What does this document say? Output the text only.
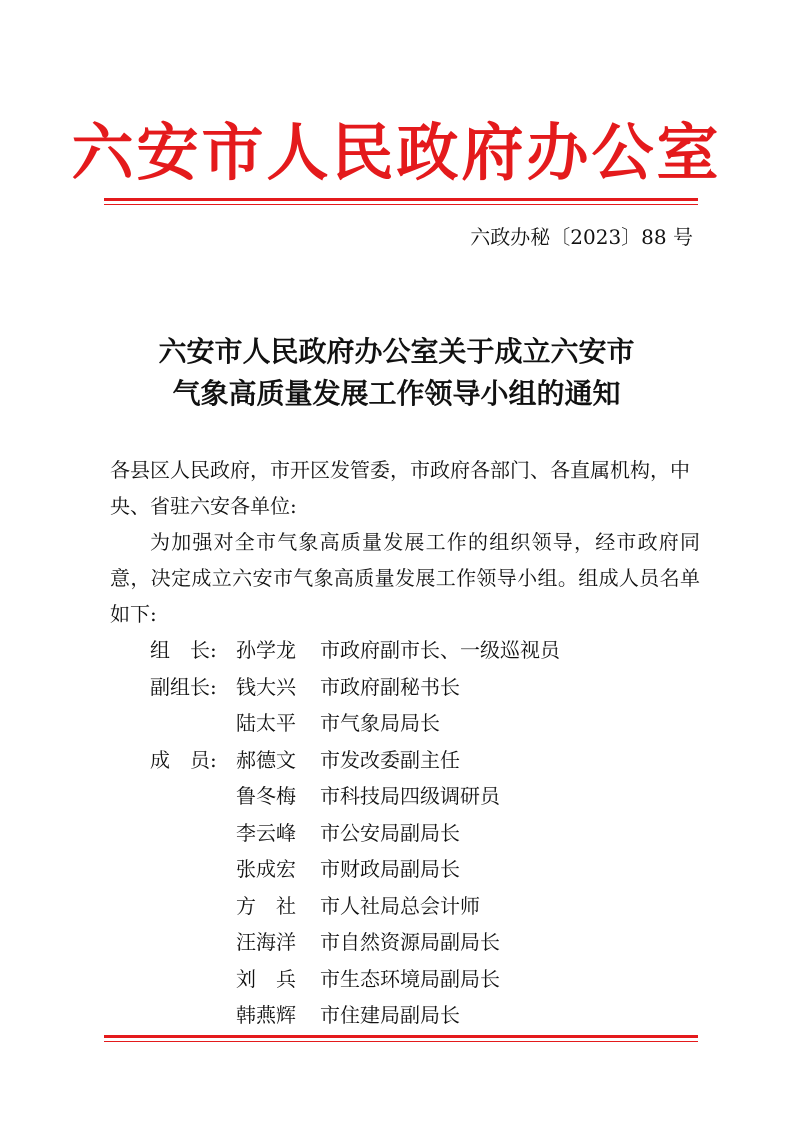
六安市人民政府办公室
六政办秘〔2023〕88 号
六安市人民政府办公室关于成立六安市
气象高质量发展工作领导小组的通知
各县区人民政府，市开区发管委，市政府各部门、各直属机构，中央、省驻六安各单位:
为加强对全市气象高质量发展工作的组织领导，经市政府同意，决定成立六安市气象高质量发展工作领导小组。组成人员名单如下:
组　长: 孙学龙	市政府副市长、一级巡视员
副组长: 钱大兴	市政府副秘书长
陆太平	市气象局局长
成　员: 郝德文	市发改委副主任
鲁冬梅	市科技局四级调研员
李云峰	市公安局副局长
张成宏	市财政局副局长
方　社	市人社局总会计师
汪海洋	市自然资源局副局长
刘　兵	市生态环境局副局长
韩燕辉	市住建局副局长
